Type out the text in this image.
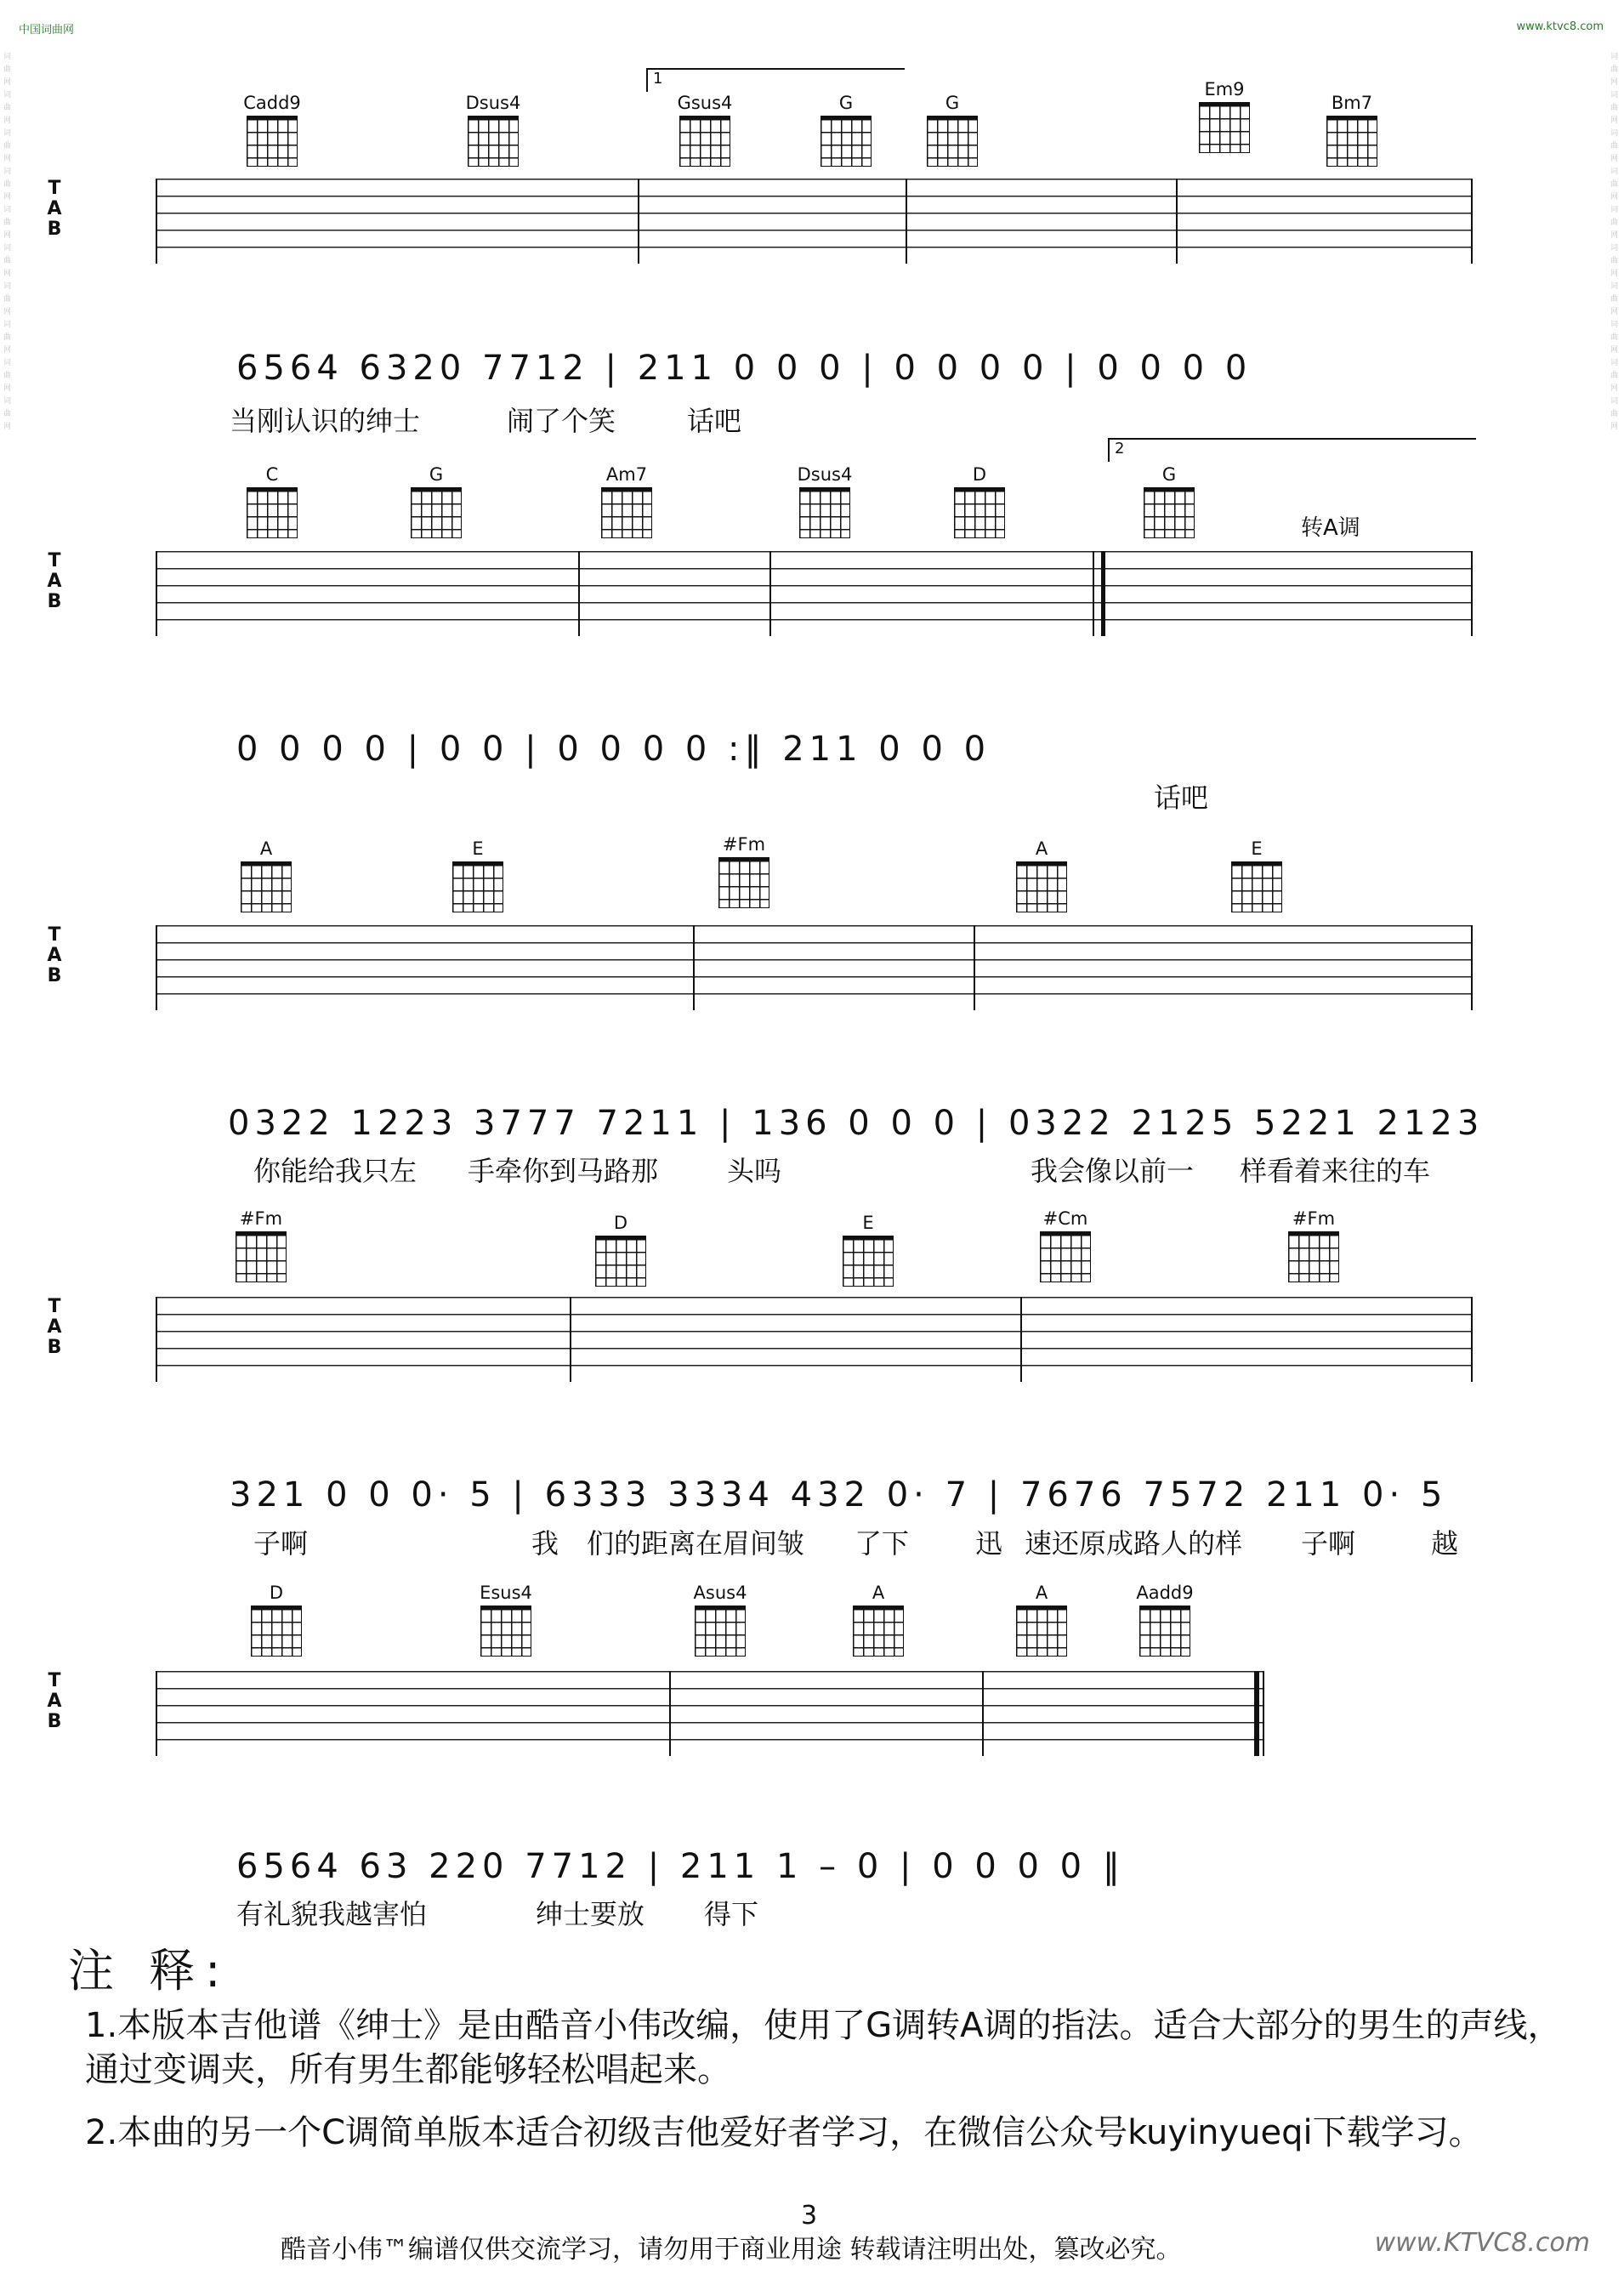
中国词曲网	www.ktvc8.com
词曲网词曲网词曲网词曲网词曲网词曲网词曲网词曲网词曲网词曲网
词曲网词曲网词曲网词曲网词曲网词曲网词曲网词曲网词曲网词曲网
1
Cadd9	Dsus4	Gsus4	G	G
Em9
Bm7
T
A
B
6564 6320 7712 | 211 0 0 0 | 0 0 0 0 | 0 0 0 0
当刚认识的绅士	闹了个笑	话吧
2
C	G	Am7	Dsus4	D	G
转A调
T
A
B
0 0 0 0 | 0 0 | 0 0 0 0 :‖ 211 0 0 0
话吧
A	E	#Fm	A	E
T
A
B
0322 1223 3777 7211 | 136 0 0 0 | 0322 2125 5221 2123
你能给我只左 手牵你到马路那	头吗	我会像以前一 样看着来往的车
#Fm	D	E	#Cm	#Fm
T
A
B
321 0 0 0· 5 | 6333 3334 432 0· 7 | 7676 7572 211 0· 5
子啊	我 们的距离在眉间皱 了下 迅 速还原成路人的样 子啊	越
D	Esus4	Asus4	A	A	Aadd9
T
A
B
6564 63 220 7712 | 211 1 – 0 | 0 0 0 0 ‖
有礼貌我越害怕	绅士要放 得下
注 释:
1.本版本吉他谱《绅士》是由酷音小伟改编，使用了G调转A调的指法。适合大部分的男生的声线，通过变调夹，所有男生都能够轻松唱起来。
2.本曲的另一个C调简单版本适合初级吉他爱好者学习，在微信公众号kuyinyueqi下载学习。
3
酷音小伟™编谱仅供交流学习，请勿用于商业用途 转载请注明出处，篡改必究。	www.KTVC8.com
